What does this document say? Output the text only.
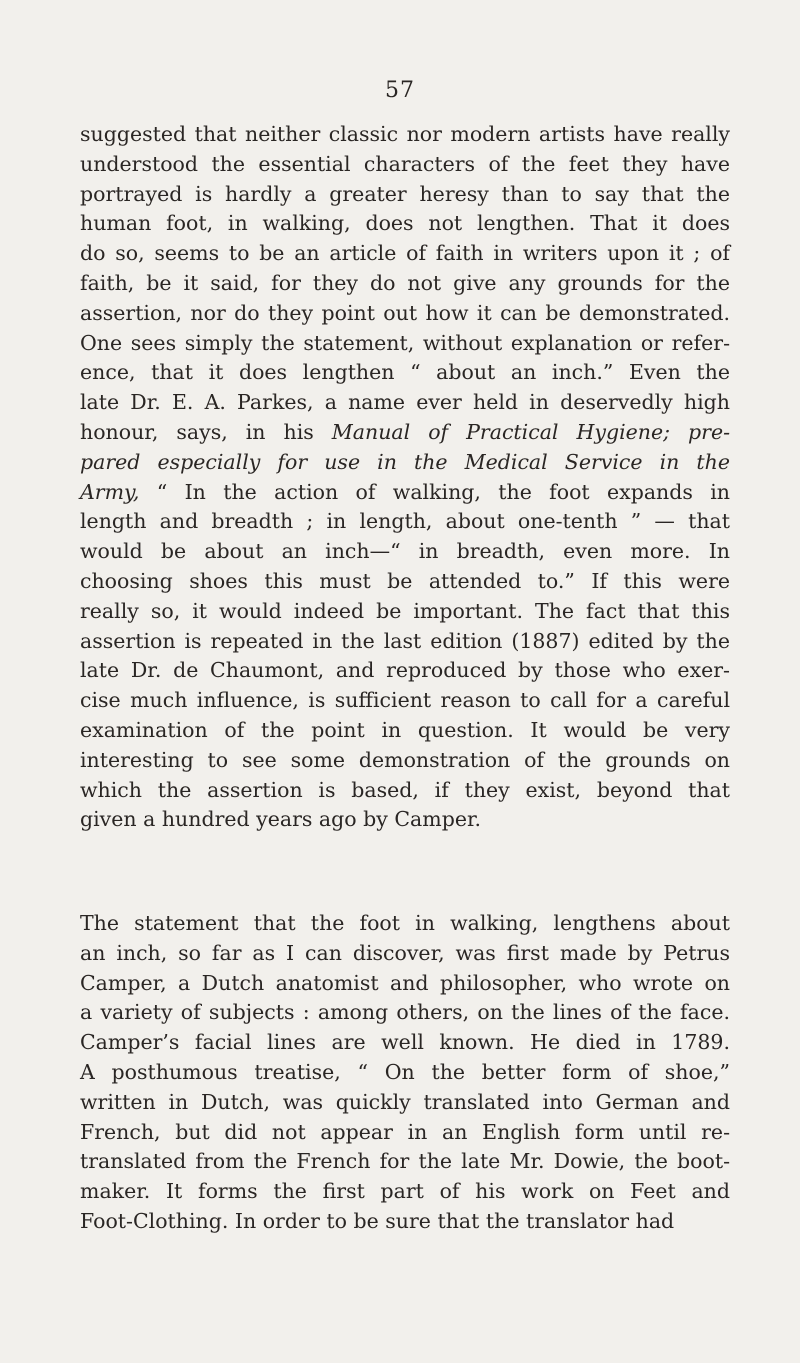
57
suggested that neither classic nor modern artists have really
understood the essential characters of the feet they have
portrayed is hardly a greater heresy than to say that the
human foot, in walking, does not lengthen. That it does
do so, seems to be an article of faith in writers upon it ; of
faith, be it said, for they do not give any grounds for the
assertion, nor do they point out how it can be demonstrated.
One sees simply the statement, without explanation or refer-
ence, that it does lengthen “ about an inch.” Even the
late Dr. E. A. Parkes, a name ever held in deservedly high
honour, says, in his Manual of Practical Hygiene; pre-
pared especially for use in the Medical Service in the
Army, “ In the action of walking, the foot expands in
length and breadth ; in length, about one-tenth ” — that
would be about an inch—“ in breadth, even more. In
choosing shoes this must be attended to.” If this were
really so, it would indeed be important. The fact that this
assertion is repeated in the last edition (1887) edited by the
late Dr. de Chaumont, and reproduced by those who exer-
cise much influence, is sufficient reason to call for a careful
examination of the point in question. It would be very
interesting to see some demonstration of the grounds on
which the assertion is based, if they exist, beyond that
given a hundred years ago by Camper.
The statement that the foot in walking, lengthens about
an inch, so far as I can discover, was first made by Petrus
Camper, a Dutch anatomist and philosopher, who wrote on
a variety of subjects : among others, on the lines of the face.
Camper’s facial lines are well known. He died in 1789.
A posthumous treatise, “ On the better form of shoe,”
written in Dutch, was quickly translated into German and
French, but did not appear in an English form until re-
translated from the French for the late Mr. Dowie, the boot-
maker. It forms the first part of his work on Feet and
Foot-Clothing. In order to be sure that the translator had
